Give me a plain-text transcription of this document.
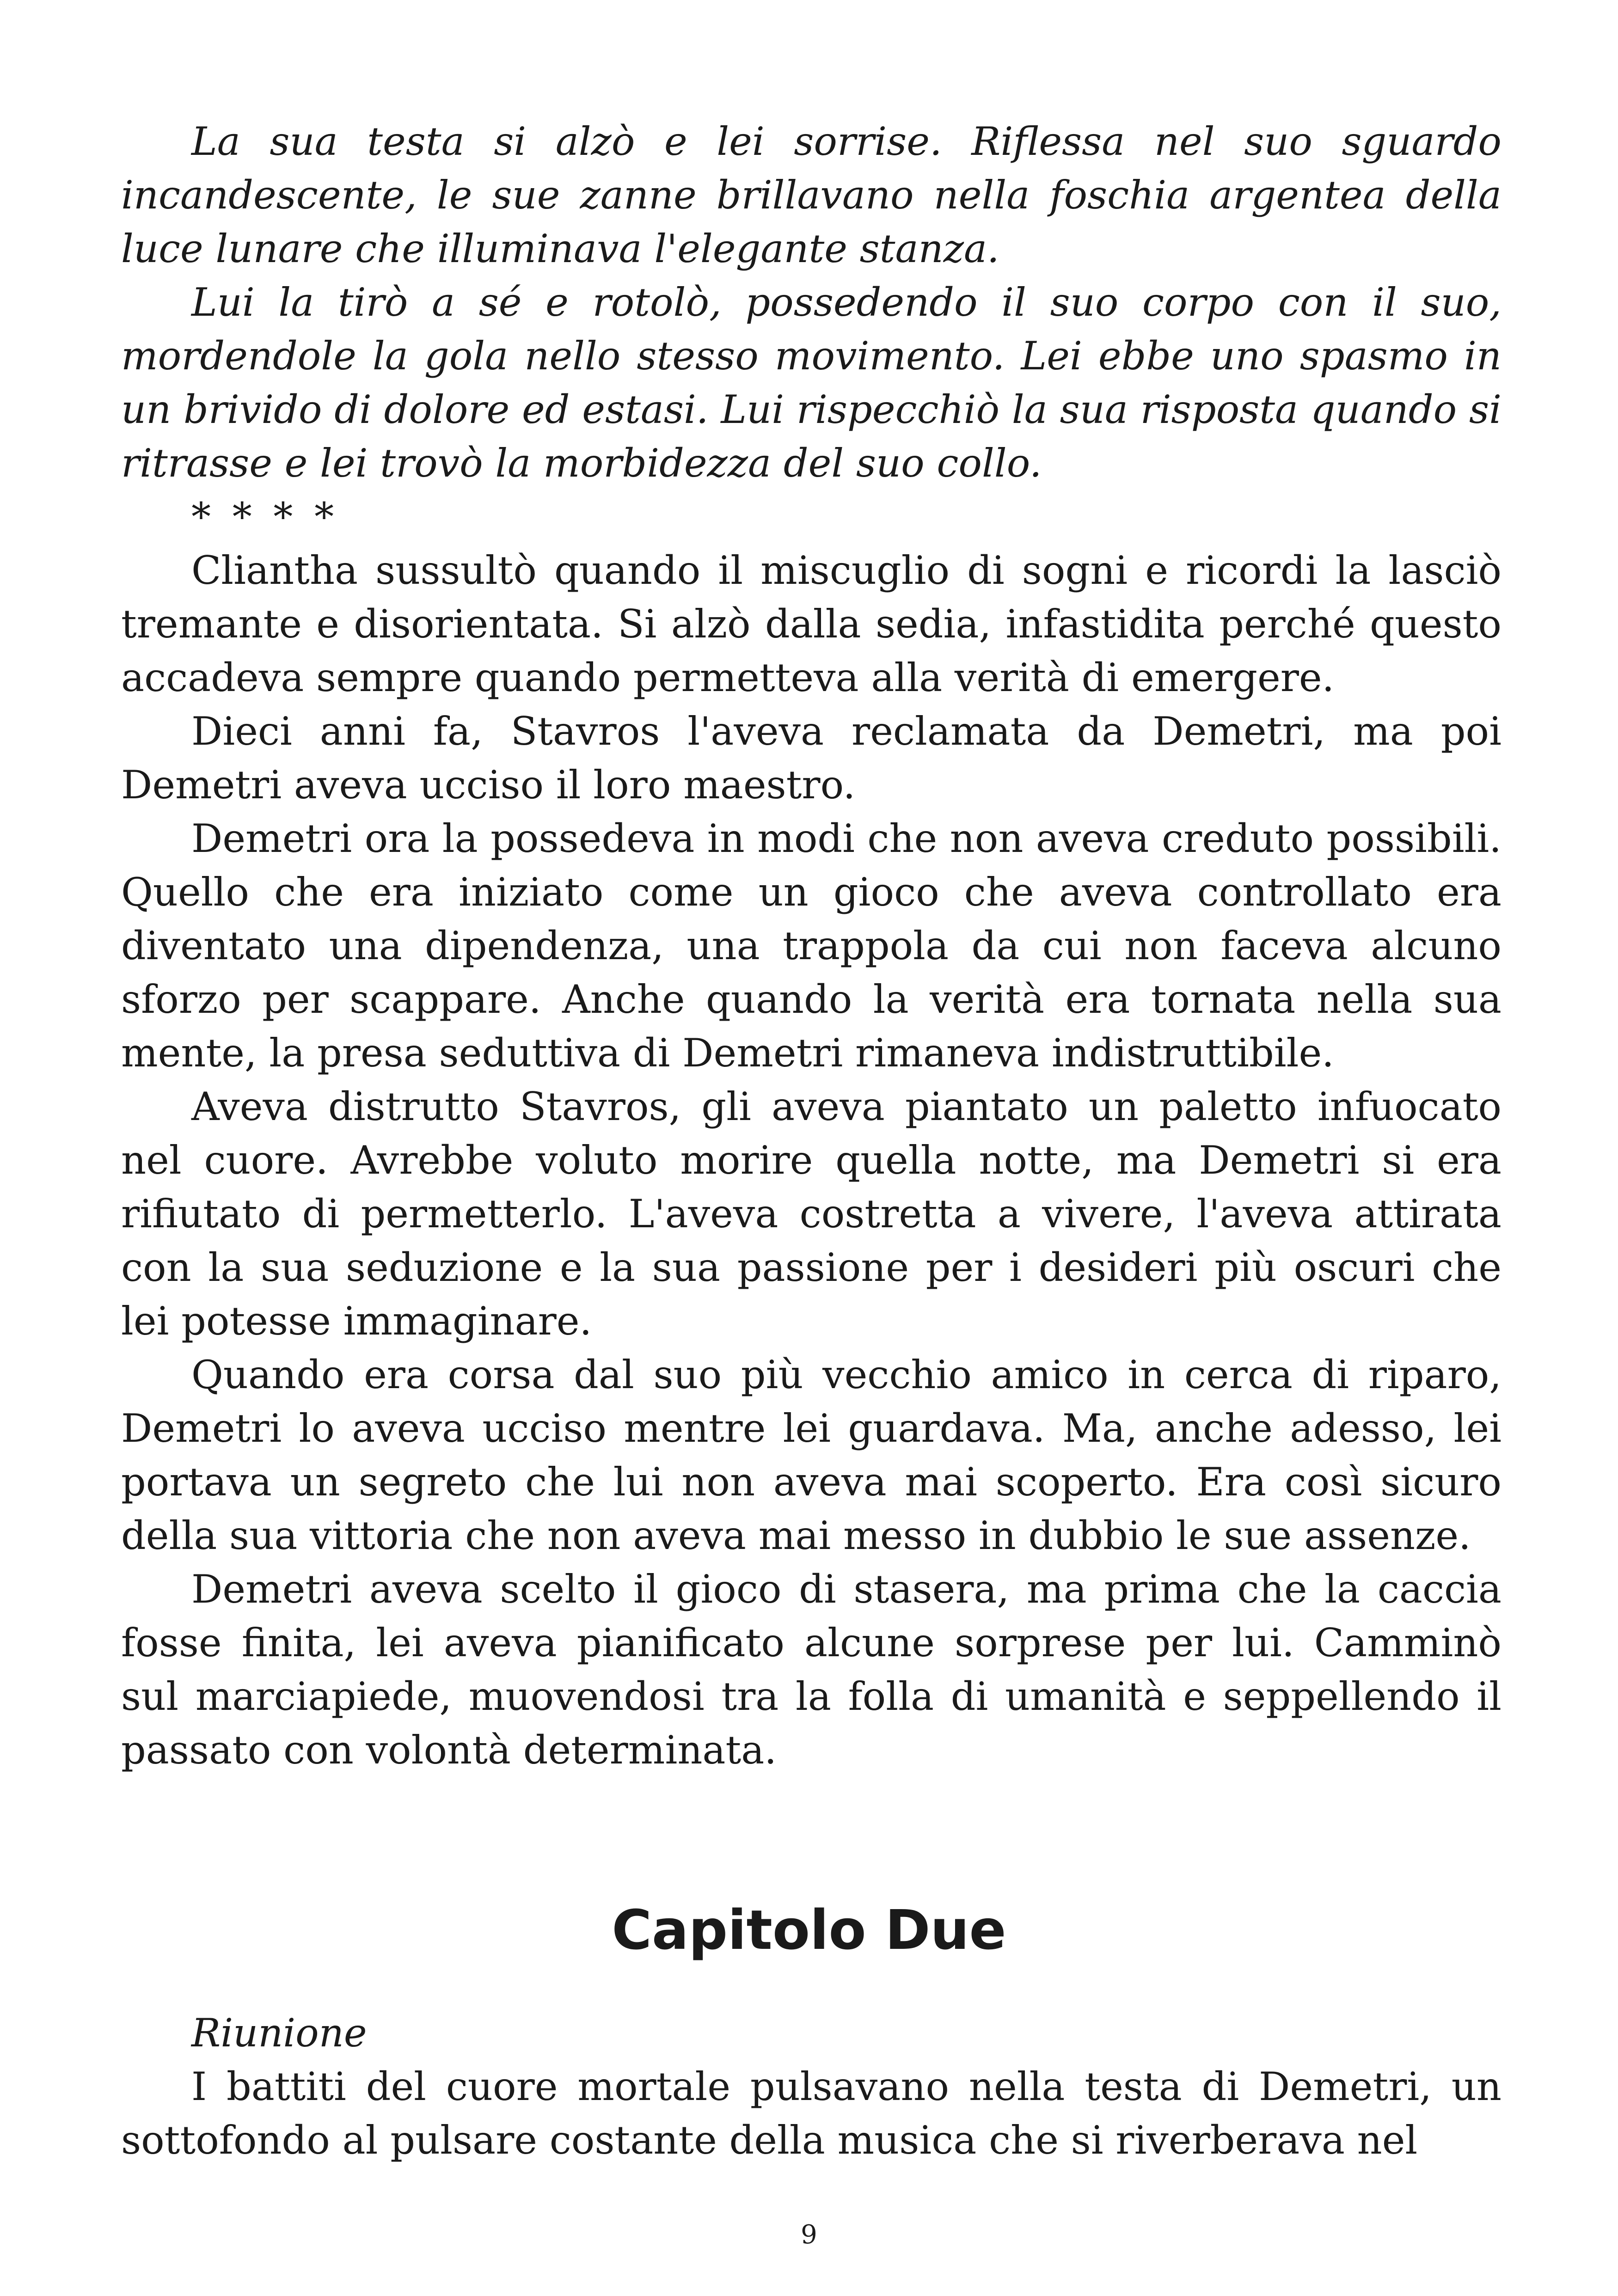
La sua testa si alzò e lei sorrise. Riflessa nel suo sguardo incandescente, le sue zanne brillavano nella foschia argentea della luce lunare che illuminava l'elegante stanza.

Lui la tirò a sé e rotolò, possedendo il suo corpo con il suo, mordendole la gola nello stesso movimento. Lei ebbe uno spasmo in un brivido di dolore ed estasi. Lui rispecchiò la sua risposta quando si ritrasse e lei trovò la morbidezza del suo collo.

* * * *

Cliantha sussultò quando il miscuglio di sogni e ricordi la lasciò tremante e disorientata. Si alzò dalla sedia, infastidita perché questo accadeva sempre quando permetteva alla verità di emergere.

Dieci anni fa, Stavros l'aveva reclamata da Demetri, ma poi Demetri aveva ucciso il loro maestro.

Demetri ora la possedeva in modi che non aveva creduto possibili. Quello che era iniziato come un gioco che aveva controllato era diventato una dipendenza, una trappola da cui non faceva alcuno sforzo per scappare. Anche quando la verità era tornata nella sua mente, la presa seduttiva di Demetri rimaneva indistruttibile.

Aveva distrutto Stavros, gli aveva piantato un paletto infuocato nel cuore. Avrebbe voluto morire quella notte, ma Demetri si era rifiutato di permetterlo. L'aveva costretta a vivere, l'aveva attirata con la sua seduzione e la sua passione per i desideri più oscuri che lei potesse immaginare.

Quando era corsa dal suo più vecchio amico in cerca di riparo, Demetri lo aveva ucciso mentre lei guardava. Ma, anche adesso, lei portava un segreto che lui non aveva mai scoperto. Era così sicuro della sua vittoria che non aveva mai messo in dubbio le sue assenze.

Demetri aveva scelto il gioco di stasera, ma prima che la caccia fosse finita, lei aveva pianificato alcune sorprese per lui. Camminò sul marciapiede, muovendosi tra la folla di umanità e seppellendo il passato con volontà determinata.

Capitolo Due

Riunione

I battiti del cuore mortale pulsavano nella testa di Demetri, un sottofondo al pulsare costante della musica che si riverberava nel

9
